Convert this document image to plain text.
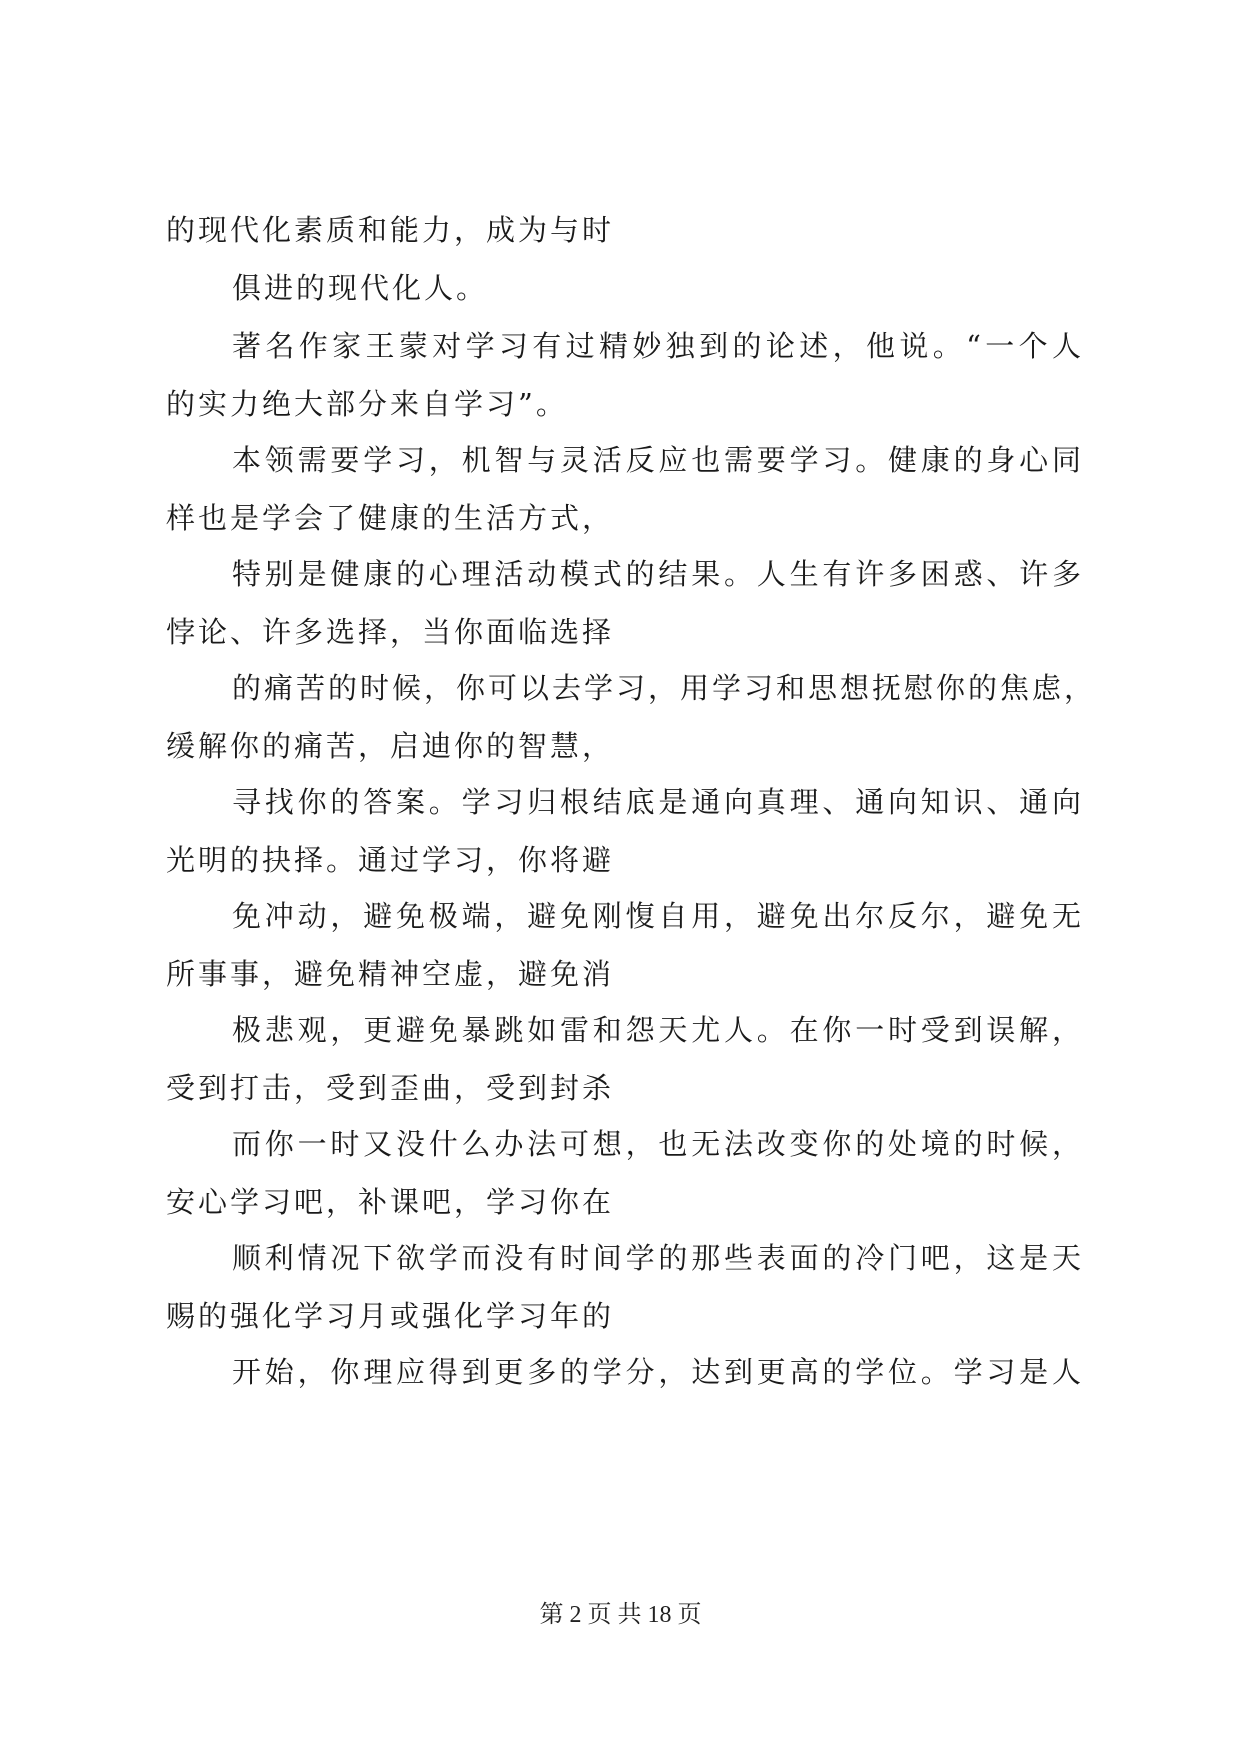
的现代化素质和能力，成为与时
俱进的现代化人。
著名作家王蒙对学习有过精妙独到的论述，他说。“一个人
的实力绝大部分来自学习”。
本领需要学习，机智与灵活反应也需要学习。健康的身心同
样也是学会了健康的生活方式，
特别是健康的心理活动模式的结果。人生有许多困惑、许多
悖论、许多选择，当你面临选择
的痛苦的时候，你可以去学习，用学习和思想抚慰你的焦虑，
缓解你的痛苦，启迪你的智慧，
寻找你的答案。学习归根结底是通向真理、通向知识、通向
光明的抉择。通过学习，你将避
免冲动，避免极端，避免刚愎自用，避免出尔反尔，避免无
所事事，避免精神空虚，避免消
极悲观，更避免暴跳如雷和怨天尤人。在你一时受到误解，
受到打击，受到歪曲，受到封杀
而你一时又没什么办法可想，也无法改变你的处境的时候，
安心学习吧，补课吧，学习你在
顺利情况下欲学而没有时间学的那些表面的冷门吧，这是天
赐的强化学习月或强化学习年的
开始，你理应得到更多的学分，达到更高的学位。学习是人
第 2 页 共 18 页
